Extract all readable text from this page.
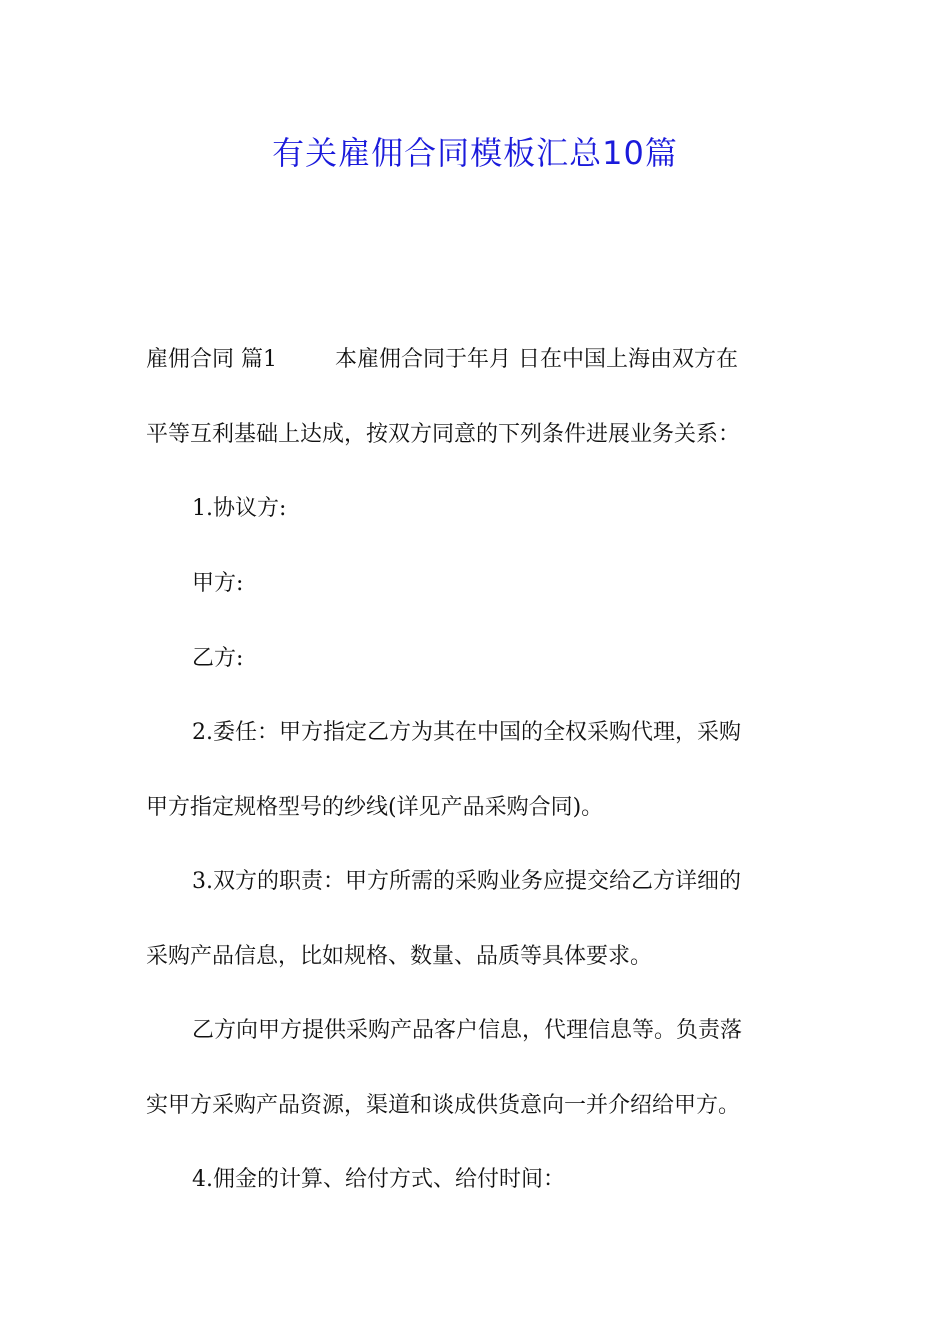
有关雇佣合同模板汇总10篇
雇佣合同 篇1	本雇佣合同于年月 日在中国上海由双方在
平等互利基础上达成，按双方同意的下列条件进展业务关系：
1.协议方:
甲方:
乙方:
2.委任：甲方指定乙方为其在中国的全权采购代理，采购
甲方指定规格型号的纱线(详见产品采购合同)。
3.双方的职责：甲方所需的采购业务应提交给乙方详细的
采购产品信息，比如规格、数量、品质等具体要求。
乙方向甲方提供采购产品客户信息，代理信息等。负责落
实甲方采购产品资源，渠道和谈成供货意向一并介绍给甲方。
4.佣金的计算、给付方式、给付时间：
